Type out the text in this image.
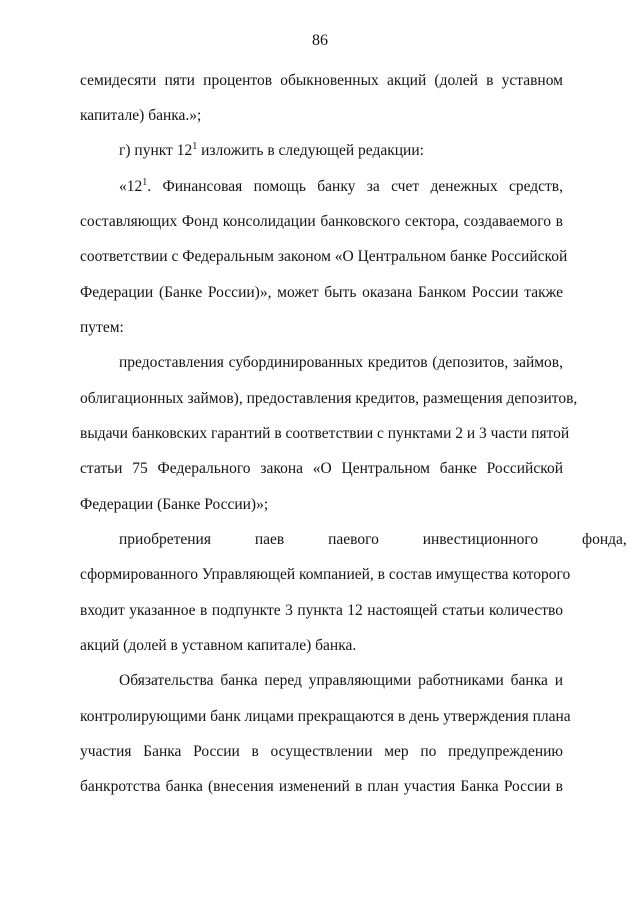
86
семидесяти пяти процентов обыкновенных акций (долей в уставном
капитале) банка.»;
г) пункт $12^1$ изложить в следующей редакции:
«$12^1$. Финансовая помощь банку за счет денежных средств,
составляющих Фонд консолидации банковского сектора, создаваемого в
соответствии с Федеральным законом «О Центральном банке Российской
Федерации (Банке России)», может быть оказана Банком России также
путем:
предоставления субординированных кредитов (депозитов, займов,
облигационных займов), предоставления кредитов, размещения депозитов,
выдачи банковских гарантий в соответствии с пунктами 2 и 3 части пятой
статьи 75 Федерального закона «О Центральном банке Российской
Федерации (Банке России)»;
приобретения паев паевого инвестиционного фонда,
сформированного Управляющей компанией, в состав имущества которого
входит указанное в подпункте 3 пункта 12 настоящей статьи количество
акций (долей в уставном капитале) банка.
Обязательства банка перед управляющими работниками банка и
контролирующими банк лицами прекращаются в день утверждения плана
участия Банка России в осуществлении мер по предупреждению
банкротства банка (внесения изменений в план участия Банка России в
